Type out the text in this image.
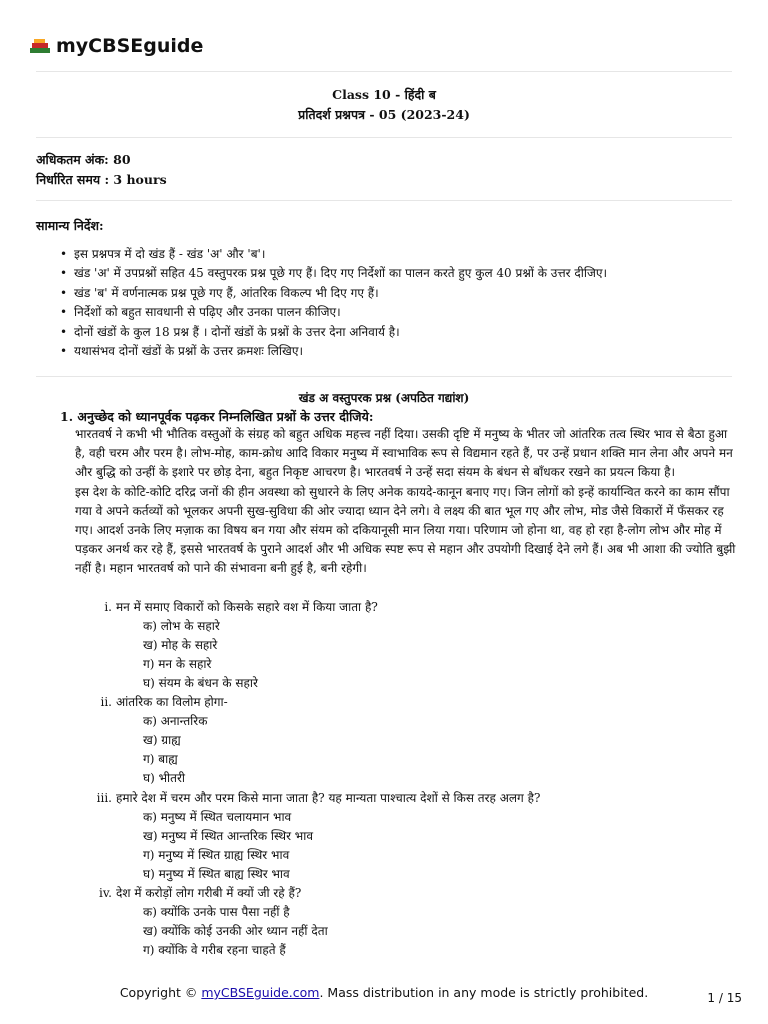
myCBSEguide
Class 10 - हिंदी ब
प्रतिदर्श प्रश्नपत्र - 05 (2023-24)
अधिकतम अंक: 80
निर्धारित समय : 3 hours
सामान्य निर्देश:
• इस प्रश्नपत्र में दो खंड हैं - खंड 'अ' और 'ब'।
• खंड 'अ' में उपप्रश्नों सहित 45 वस्तुपरक प्रश्न पूछे गए हैं। दिए गए निर्देशों का पालन करते हुए कुल 40 प्रश्नों के उत्तर दीजिए।
• खंड 'ब' में वर्णनात्मक प्रश्न पूछे गए हैं, आंतरिक विकल्प भी दिए गए हैं।
• निर्देशों को बहुत सावधानी से पढ़िए और उनका पालन कीजिए।
• दोनों खंडों के कुल 18 प्रश्न हैं । दोनों खंडों के प्रश्नों के उत्तर देना अनिवार्य है।
• यथासंभव दोनों खंडों के प्रश्नों के उत्तर क्रमशः लिखिए।
खंड अ वस्तुपरक प्रश्न (अपठित गद्यांश)
1. अनुच्छेद को ध्यानपूर्वक पढ़कर निम्नलिखित प्रश्नों के उत्तर दीजिये:

भारतवर्ष ने कभी भी भौतिक वस्तुओं के संग्रह को बहुत अधिक महत्त्व नहीं दिया। उसकी दृष्टि में मनुष्य के भीतर जो आंतरिक तत्व स्थिर भाव से बैठा हुआ है, वही चरम और परम है। लोभ-मोह, काम-क्रोध आदि विकार मनुष्य में स्वाभाविक रूप से विद्यमान रहते हैं, पर उन्हें प्रधान शक्ति मान लेना और अपने मन और बुद्धि को उन्हीं के इशारे पर छोड़ देना, बहुत निकृष्ट आचरण है। भारतवर्ष ने उन्हें सदा संयम के बंधन से बाँधकर रखने का प्रयत्न किया है।

इस देश के कोटि-कोटि दरिद्र जनों की हीन अवस्था को सुधारने के लिए अनेक कायदे-कानून बनाए गए। जिन लोगों को इन्हें कार्यान्वित करने का काम सौंपा गया वे अपने कर्तव्यों को भूलकर अपनी सुख-सुविधा की ओर ज्यादा ध्यान देने लगे। वे लक्ष्य की बात भूल गए और लोभ, मोड जैसे विकारों में फँसकर रह गए। आदर्श उनके लिए मज़ाक का विषय बन गया और संयम को दकियानूसी मान लिया गया। परिणाम जो होना था, वह हो रहा है-लोग लोभ और मोह में पड़कर अनर्थ कर रहे हैं, इससे भारतवर्ष के पुराने आदर्श और भी अधिक स्पष्ट रूप से महान और उपयोगी दिखाई देने लगे हैं। अब भी आशा की ज्योति बुझी नहीं है। महान भारतवर्ष को पाने की संभावना बनी हुई है, बनी रहेगी।

i. मन में समाए विकारों को किसके सहारे वश में किया जाता है?
क) लोभ के सहारे
ख) मोह के सहारे
ग) मन के सहारे
घ) संयम के बंधन के सहारे
ii. आंतरिक का विलोम होगा-
क) अनान्तरिक
ख) ग्राह्य
ग) बाह्य
घ) भीतरी
iii. हमारे देश में चरम और परम किसे माना जाता है? यह मान्यता पाश्चात्य देशों से किस तरह अलग है?
क) मनुष्य में स्थित चलायमान भाव
ख) मनुष्य में स्थित आन्तरिक स्थिर भाव
ग) मनुष्य में स्थित ग्राह्य स्थिर भाव
घ) मनुष्य में स्थित बाह्य स्थिर भाव
iv. देश में करोड़ों लोग गरीबी में क्यों जी रहे हैं?
क) क्योंकि उनके पास पैसा नहीं है
ख) क्योंकि कोई उनकी ओर ध्यान नहीं देता
ग) क्योंकि वे गरीब रहना चाहते हैं
Copyright © myCBSEguide.com. Mass distribution in any mode is strictly prohibited.	1 / 15
